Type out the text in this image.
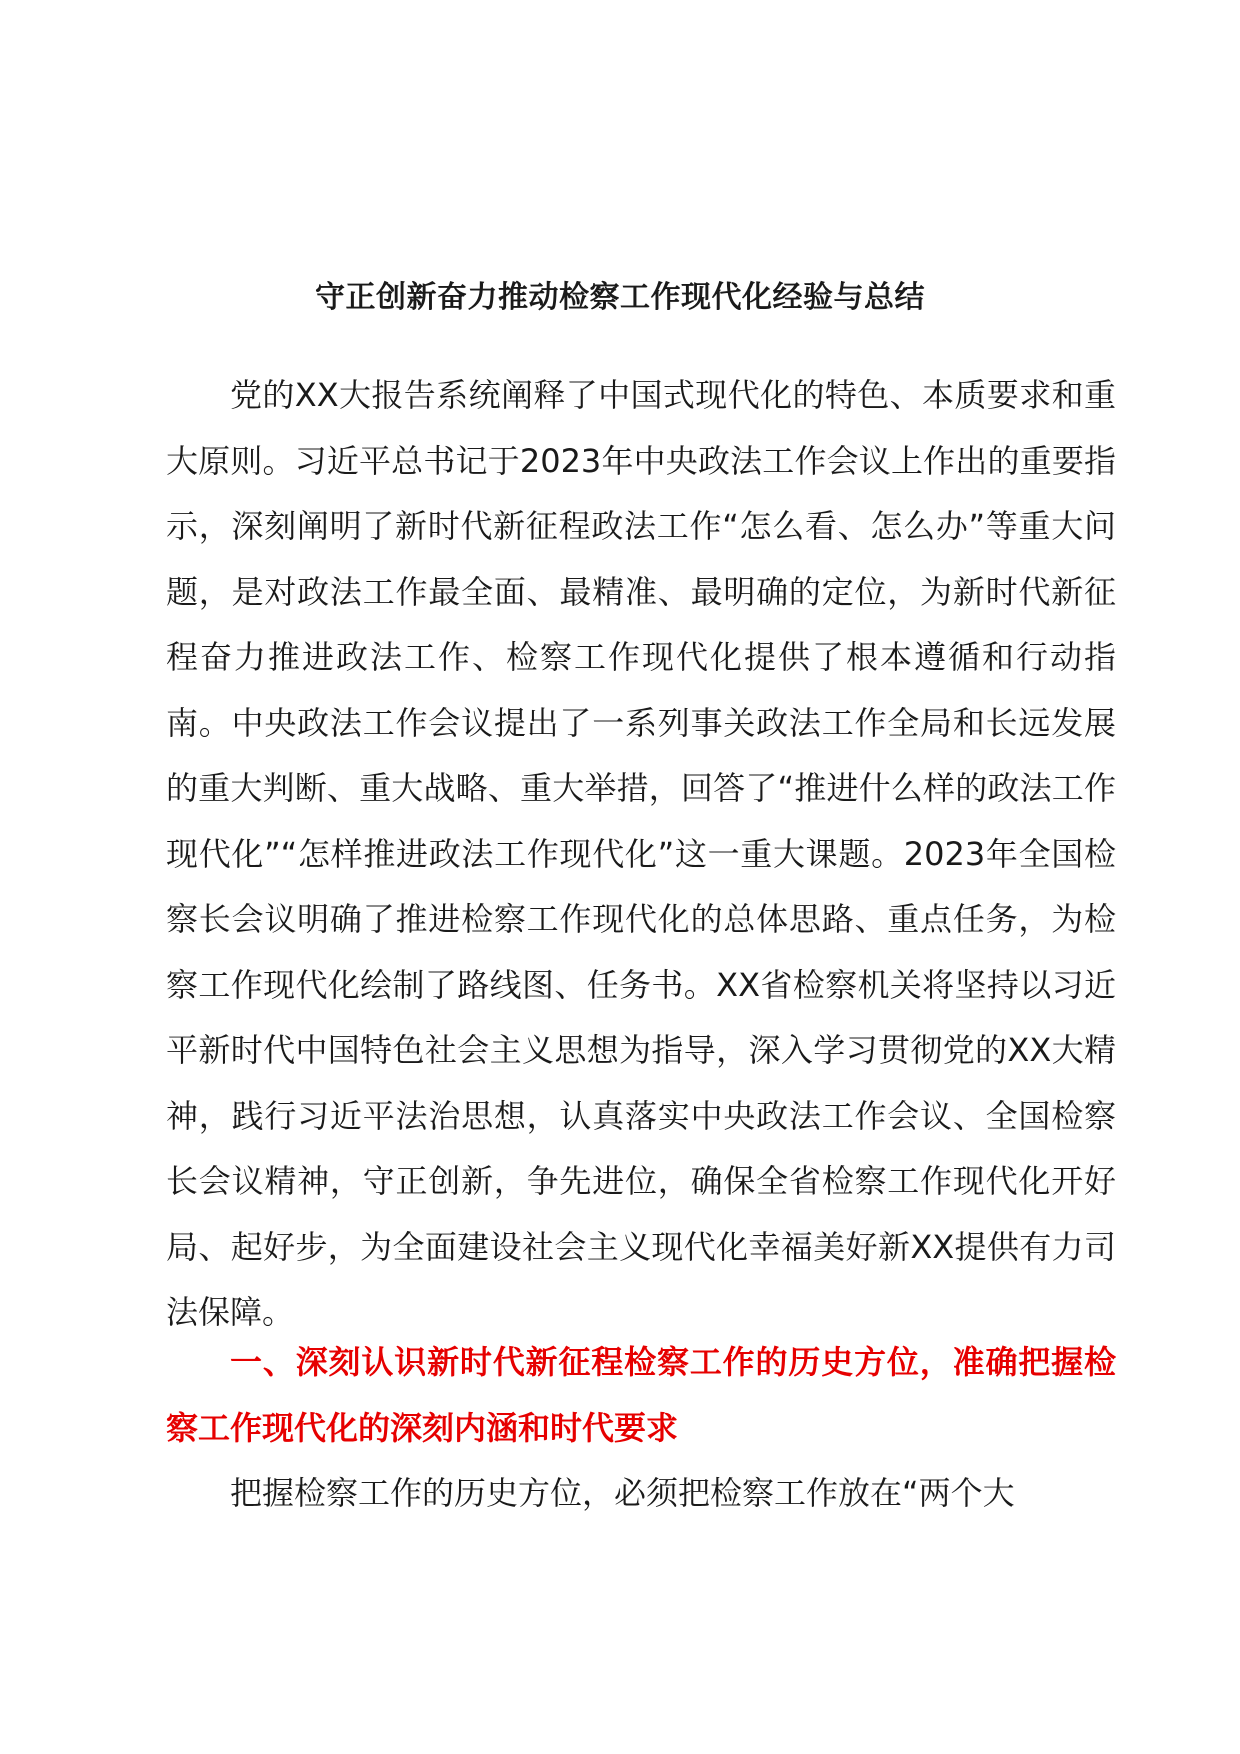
守正创新奋力推动检察工作现代化经验与总结

党的XX大报告系统阐释了中国式现代化的特色、本质要求和重大原则。习近平总书记于2023年中央政法工作会议上作出的重要指示，深刻阐明了新时代新征程政法工作“怎么看、怎么办”等重大问题，是对政法工作最全面、最精准、最明确的定位，为新时代新征程奋力推进政法工作、检察工作现代化提供了根本遵循和行动指南。中央政法工作会议提出了一系列事关政法工作全局和长远发展的重大判断、重大战略、重大举措，回答了“推进什么样的政法工作现代化”“怎样推进政法工作现代化”这一重大课题。2023年全国检察长会议明确了推进检察工作现代化的总体思路、重点任务，为检察工作现代化绘制了路线图、任务书。XX省检察机关将坚持以习近平新时代中国特色社会主义思想为指导，深入学习贯彻党的XX大精神，践行习近平法治思想，认真落实中央政法工作会议、全国检察长会议精神，守正创新，争先进位，确保全省检察工作现代化开好局、起好步，为全面建设社会主义现代化幸福美好新XX提供有力司法保障。

一、深刻认识新时代新征程检察工作的历史方位，准确把握检察工作现代化的深刻内涵和时代要求

把握检察工作的历史方位，必须把检察工作放在“两个大
